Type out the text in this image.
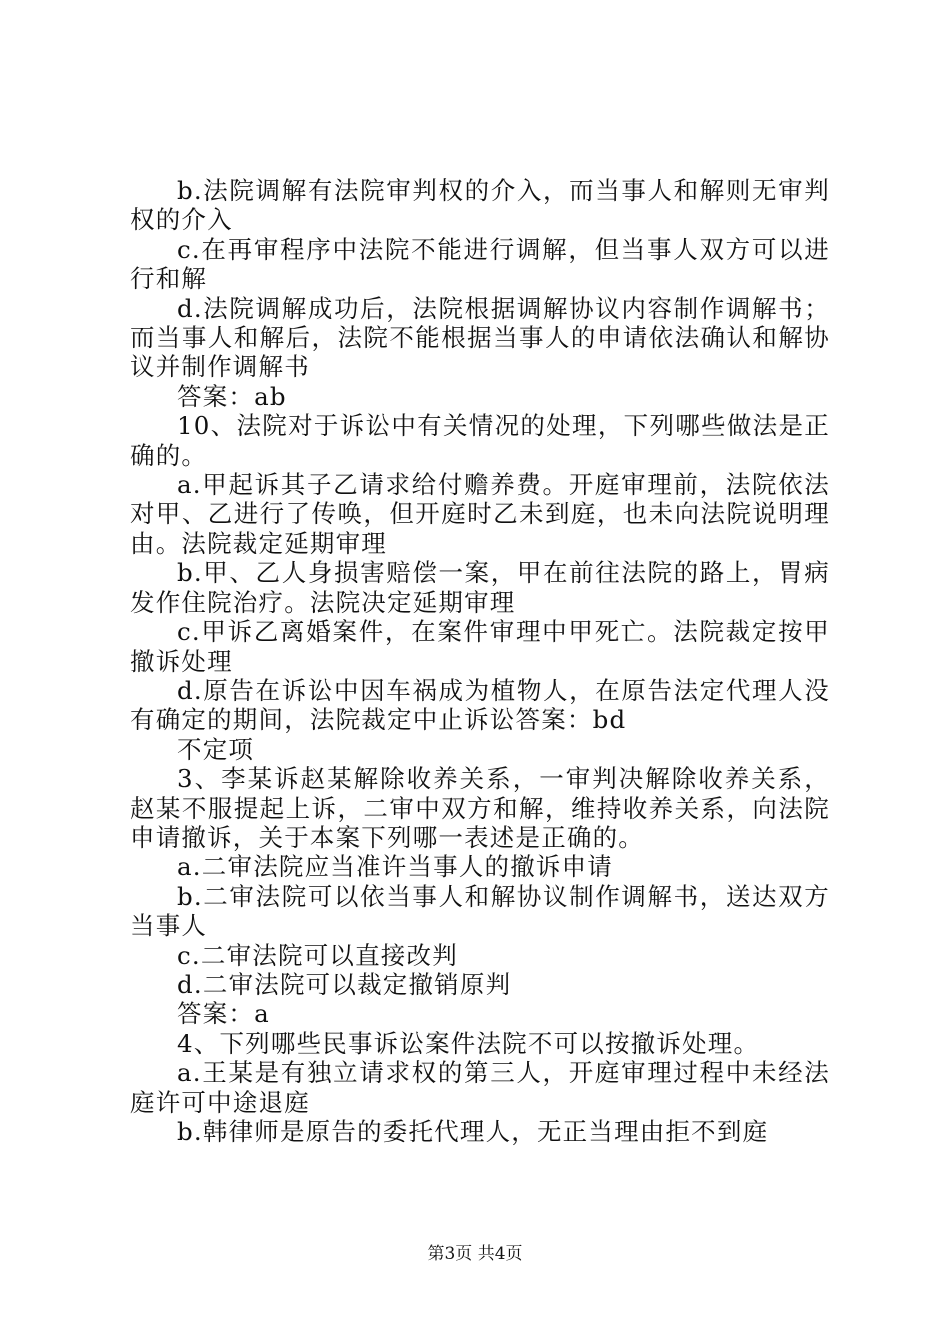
b.法院调解有法院审判权的介入，而当事人和解则无审判权的介入

c.在再审程序中法院不能进行调解，但当事人双方可以进行和解

d.法院调解成功后，法院根据调解协议内容制作调解书；而当事人和解后，法院不能根据当事人的申请依法确认和解协议并制作调解书

答案：ab

10、法院对于诉讼中有关情况的处理，下列哪些做法是正确的。

a.甲起诉其子乙请求给付赡养费。开庭审理前，法院依法对甲、乙进行了传唤，但开庭时乙未到庭，也未向法院说明理由。法院裁定延期审理

b.甲、乙人身损害赔偿一案，甲在前往法院的路上，胃病发作住院治疗。法院决定延期审理

c.甲诉乙离婚案件，在案件审理中甲死亡。法院裁定按甲撤诉处理

d.原告在诉讼中因车祸成为植物人，在原告法定代理人没有确定的期间，法院裁定中止诉讼答案：bd

不定项

3、李某诉赵某解除收养关系，一审判决解除收养关系，赵某不服提起上诉，二审中双方和解，维持收养关系，向法院申请撤诉，关于本案下列哪一表述是正确的。

a.二审法院应当准许当事人的撤诉申请

b.二审法院可以依当事人和解协议制作调解书，送达双方当事人

c.二审法院可以直接改判

d.二审法院可以裁定撤销原判

答案：a

4、下列哪些民事诉讼案件法院不可以按撤诉处理。

a.王某是有独立请求权的第三人，开庭审理过程中未经法庭许可中途退庭

b.韩律师是原告的委托代理人，无正当理由拒不到庭

第3页 共4页
